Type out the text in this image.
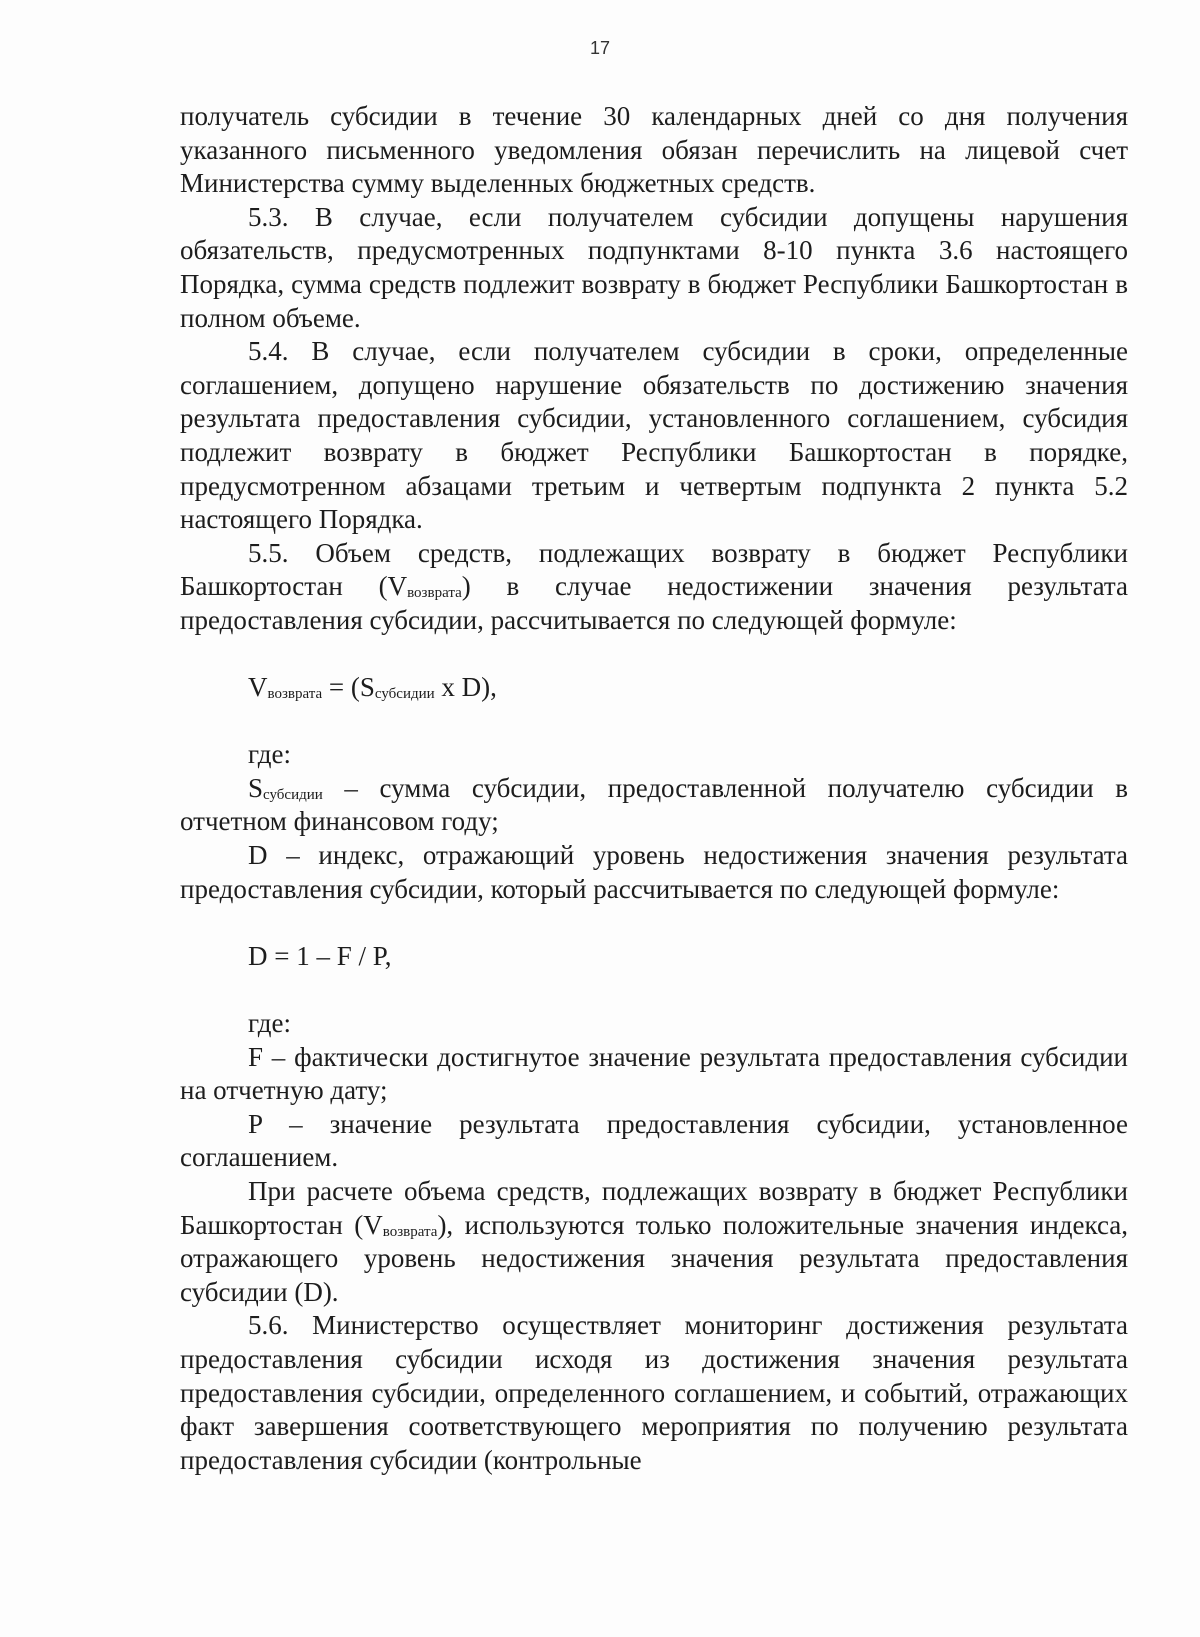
17

получатель субсидии в течение 30 календарных дней со дня получения указанного письменного уведомления обязан перечислить на лицевой счет Министерства сумму выделенных бюджетных средств.

5.3. В случае, если получателем субсидии допущены нарушения обязательств, предусмотренных подпунктами 8-10 пункта 3.6 настоящего Порядка, сумма средств подлежит возврату в бюджет Республики Башкортостан в полном объеме.

5.4. В случае, если получателем субсидии в сроки, определенные соглашением, допущено нарушение обязательств по достижению значения результата предоставления субсидии, установленного соглашением, субсидия подлежит возврату в бюджет Республики Башкортостан в порядке, предусмотренном абзацами третьим и четвертым подпункта 2 пункта 5.2 настоящего Порядка.

5.5. Объем средств, подлежащих возврату в бюджет Республики Башкортостан $(V_{возврата})$ в случае недостижении значения результата предоставления субсидии, рассчитывается по следующей формуле:

$V_{возврата} = (S_{субсидии}$ x D),

где:

$S_{субсидии}$ – сумма субсидии, предоставленной получателю субсидии в отчетном финансовом году;

D – индекс, отражающий уровень недостижения значения результата предоставления субсидии, который рассчитывается по следующей формуле:

D = 1 – F / P,

где:

F – фактически достигнутое значение результата предоставления субсидии на отчетную дату;

P – значение результата предоставления субсидии, установленное соглашением.

При расчете объема средств, подлежащих возврату в бюджет Республики Башкортостан $(V_{возврата})$, используются только положительные значения индекса, отражающего уровень недостижения значения результата предоставления субсидии (D).

5.6. Министерство осуществляет мониторинг достижения результата предоставления субсидии исходя из достижения значения результата предоставления субсидии, определенного соглашением, и событий, отражающих факт завершения соответствующего мероприятия по получению результата предоставления субсидии (контрольные
